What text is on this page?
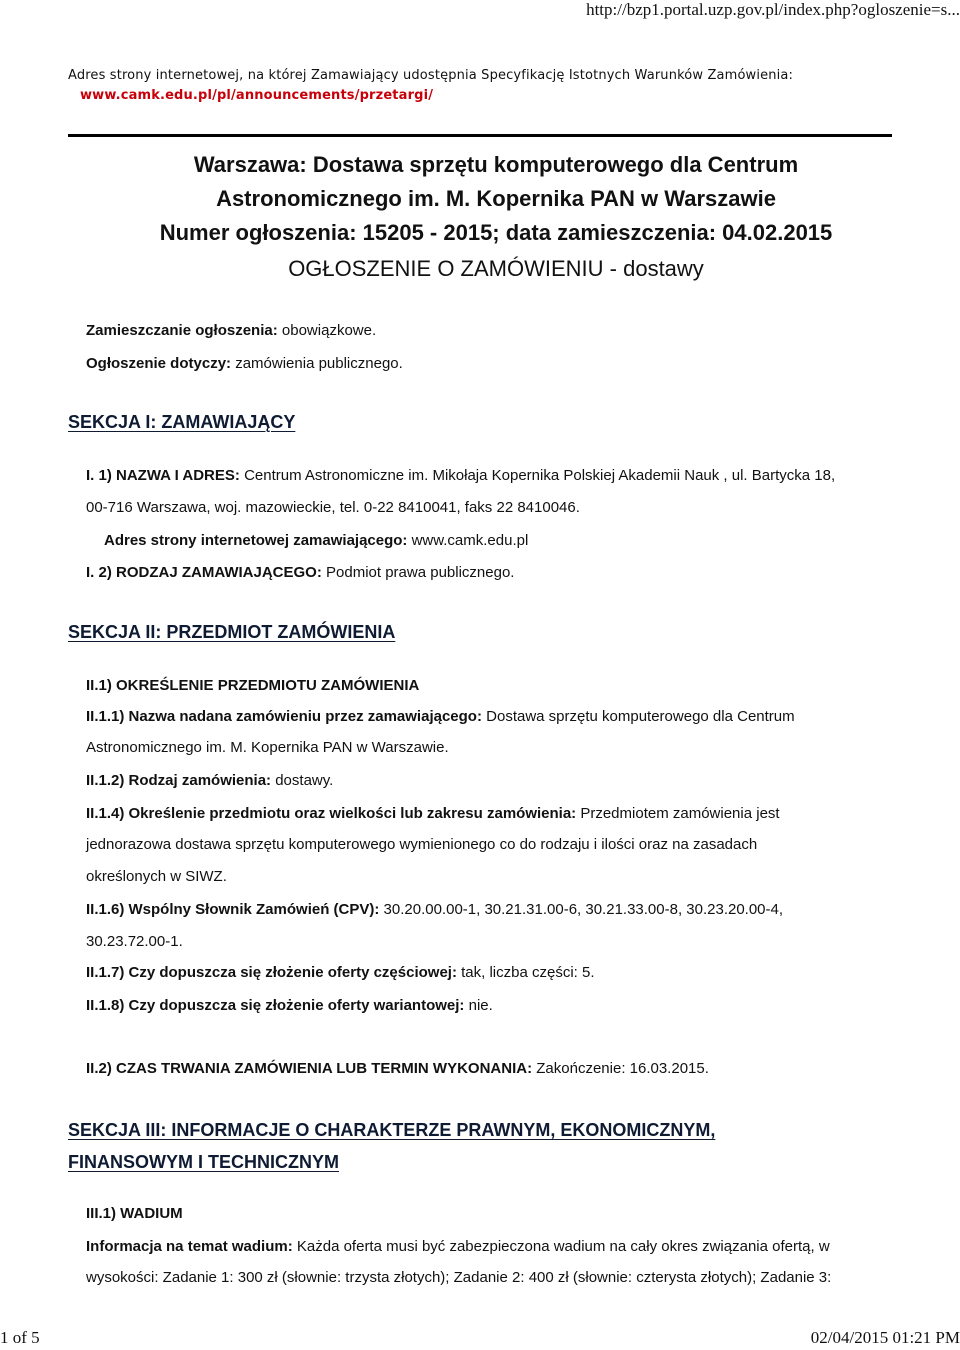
http://bzp1.portal.uzp.gov.pl/index.php?ogloszenie=s...
Adres strony internetowej, na której Zamawiający udostępnia Specyfikację Istotnych Warunków Zamówienia:
www.camk.edu.pl/pl/announcements/przetargi/
Warszawa: Dostawa sprzętu komputerowego dla Centrum
Astronomicznego im. M. Kopernika PAN w Warszawie
Numer ogłoszenia: 15205 - 2015; data zamieszczenia: 04.02.2015
OGŁOSZENIE O ZAMÓWIENIU - dostawy
Zamieszczanie ogłoszenia: obowiązkowe.
Ogłoszenie dotyczy: zamówienia publicznego.
SEKCJA I: ZAMAWIAJĄCY
I. 1) NAZWA I ADRES: Centrum Astronomiczne im. Mikołaja Kopernika Polskiej Akademii Nauk , ul. Bartycka 18,
00-716 Warszawa, woj. mazowieckie, tel. 0-22 8410041, faks 22 8410046.
Adres strony internetowej zamawiającego: www.camk.edu.pl
I. 2) RODZAJ ZAMAWIAJĄCEGO: Podmiot prawa publicznego.
SEKCJA II: PRZEDMIOT ZAMÓWIENIA
II.1) OKREŚLENIE PRZEDMIOTU ZAMÓWIENIA
II.1.1) Nazwa nadana zamówieniu przez zamawiającego: Dostawa sprzętu komputerowego dla Centrum
Astronomicznego im. M. Kopernika PAN w Warszawie.
II.1.2) Rodzaj zamówienia: dostawy.
II.1.4) Określenie przedmiotu oraz wielkości lub zakresu zamówienia: Przedmiotem zamówienia jest
jednorazowa dostawa sprzętu komputerowego wymienionego co do rodzaju i ilości oraz na zasadach
określonych w SIWZ.
II.1.6) Wspólny Słownik Zamówień (CPV): 30.20.00.00-1, 30.21.31.00-6, 30.21.33.00-8, 30.23.20.00-4,
30.23.72.00-1.
II.1.7) Czy dopuszcza się złożenie oferty częściowej: tak, liczba części: 5.
II.1.8) Czy dopuszcza się złożenie oferty wariantowej: nie.
II.2) CZAS TRWANIA ZAMÓWIENIA LUB TERMIN WYKONANIA: Zakończenie: 16.03.2015.
SEKCJA III: INFORMACJE O CHARAKTERZE PRAWNYM, EKONOMICZNYM,
FINANSOWYM I TECHNICZNYM
III.1) WADIUM
Informacja na temat wadium: Każda oferta musi być zabezpieczona wadium na cały okres związania ofertą, w
wysokości: Zadanie 1: 300 zł (słownie: trzysta złotych); Zadanie 2: 400 zł (słownie: czterysta złotych); Zadanie 3:
1 of 5	02/04/2015 01:21 PM
